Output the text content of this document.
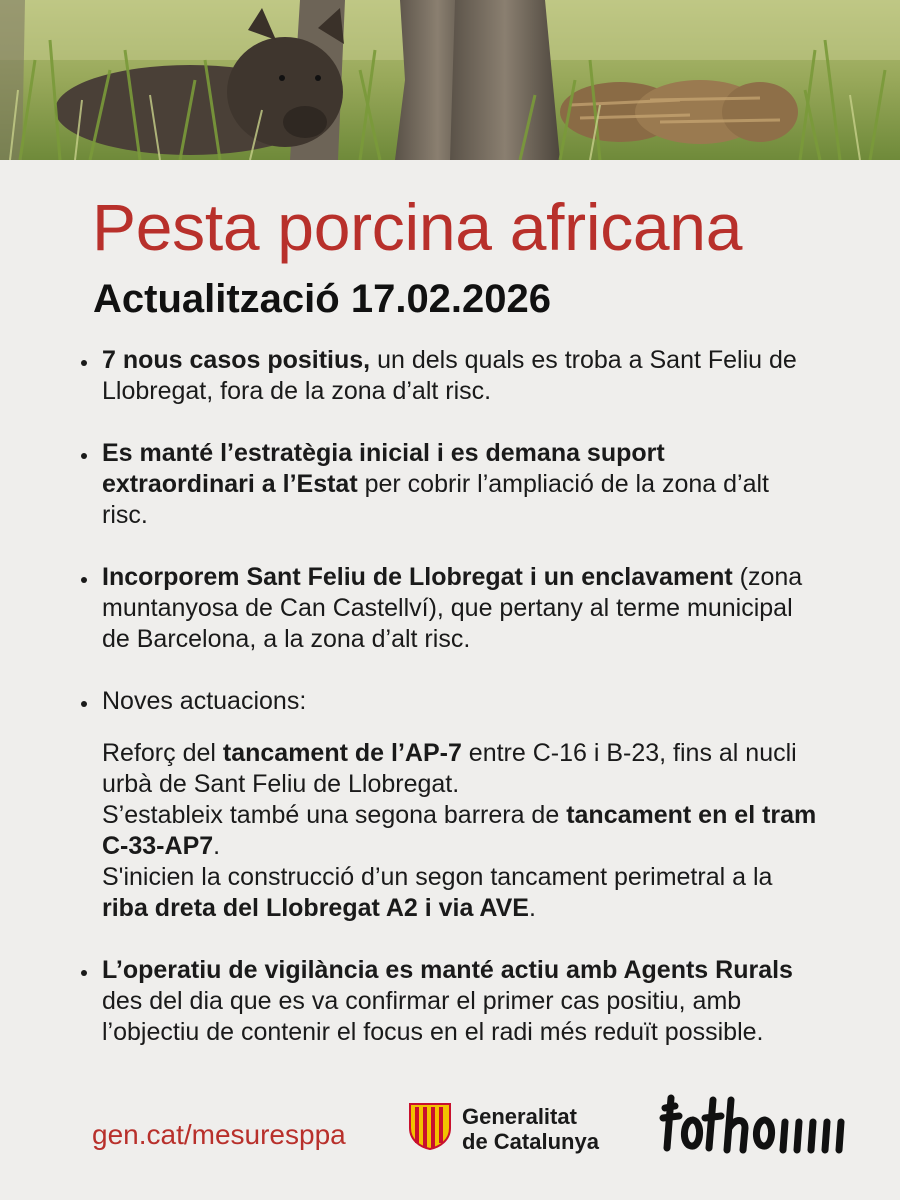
Pesta porcina africana
Actualització 17.02.2026
7 nous casos positius, un dels quals es troba a Sant Feliu de Llobregat, fora de la zona d’alt risc.
Es manté l’estratègia inicial i es demana suport extraordinari a l’Estat per cobrir l’ampliació de la zona d’alt risc.
Incorporem Sant Feliu de Llobregat i un enclavament (zona muntanyosa de Can Castellví), que pertany al terme municipal de Barcelona, a la zona d’alt risc.
Noves actuacions:
Reforç del tancament de l’AP-7 entre C-16 i B-23, fins al nucli urbà de Sant Feliu de Llobregat.
S’estableix també una segona barrera de tancament en el tram C-33-AP7.
S'inicien la construcció d’un segon tancament perimetral a la riba dreta del Llobregat A2 i via AVE.
L’operatiu de vigilància es manté actiu amb Agents Rurals des del dia que es va confirmar el primer cas positiu, amb l’objectiu de contenir el focus en el radi més reduït possible.
gen.cat/mesuresppa
Generalitat
de Catalunya
